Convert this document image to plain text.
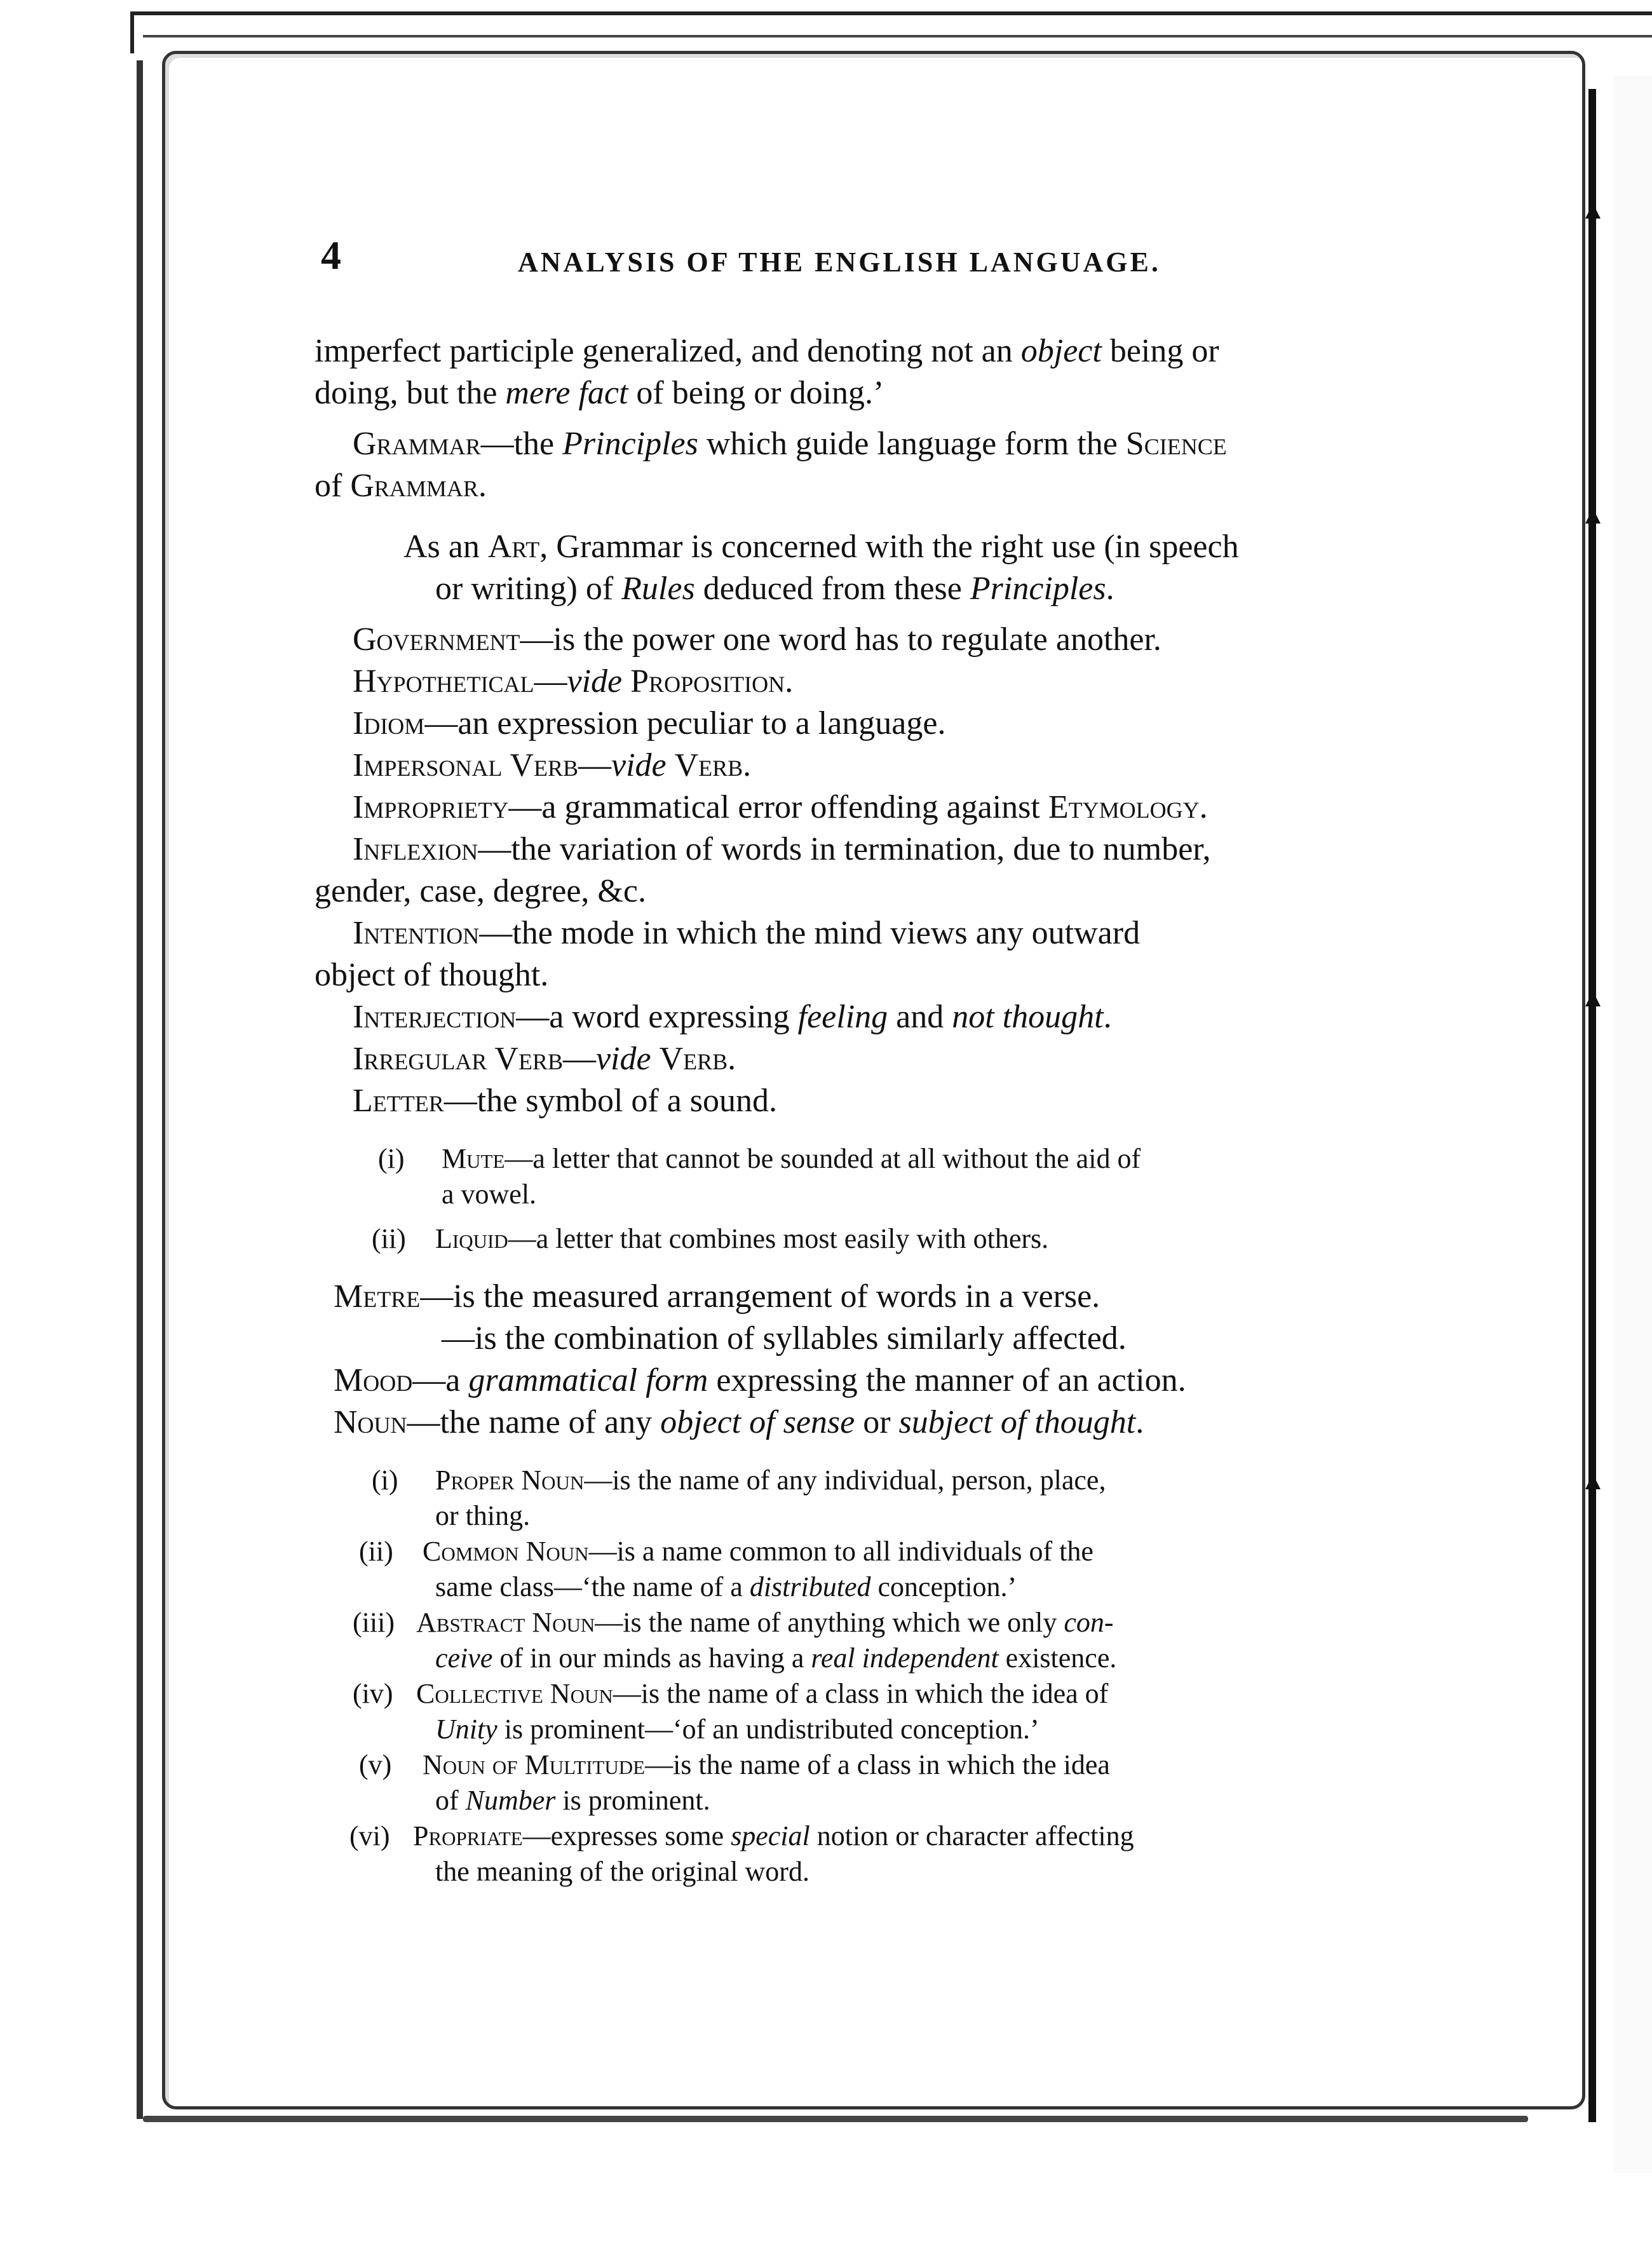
4	ANALYSIS OF THE ENGLISH LANGUAGE.
imperfect participle generalized, and denoting not an object being or
doing, but the mere fact of being or doing.’
Grammar—the Principles which guide language form the Science
of Grammar.
As an Art, Grammar is concerned with the right use (in speech
or writing) of Rules deduced from these Principles.
Government—is the power one word has to regulate another.
Hypothetical—vide Proposition.
Idiom—an expression peculiar to a language.
Impersonal Verb—vide Verb.
Impropriety—a grammatical error offending against Etymology.
Inflexion—the variation of words in termination, due to number,
gender, case, degree, &c.
Intention—the mode in which the mind views any outward
object of thought.
Interjection—a word expressing feeling and not thought.
Irregular Verb—vide Verb.
Letter—the symbol of a sound.
(i) Mute—a letter that cannot be sounded at all without the aid of
a vowel.
(ii) Liquid—a letter that combines most easily with others.
Metre—is the measured arrangement of words in a verse.
—is the combination of syllables similarly affected.
Mood—a grammatical form expressing the manner of an action.
Noun—the name of any object of sense or subject of thought.
(i) Proper Noun—is the name of any individual, person, place,
or thing.
(ii) Common Noun—is a name common to all individuals of the
same class—‘the name of a distributed conception.’
(iii) Abstract Noun—is the name of anything which we only con-
ceive of in our minds as having a real independent existence.
(iv) Collective Noun—is the name of a class in which the idea of
Unity is prominent—‘of an undistributed conception.’
(v) Noun of Multitude—is the name of a class in which the idea
of Number is prominent.
(vi) Propriate—expresses some special notion or character affecting
the meaning of the original word.
